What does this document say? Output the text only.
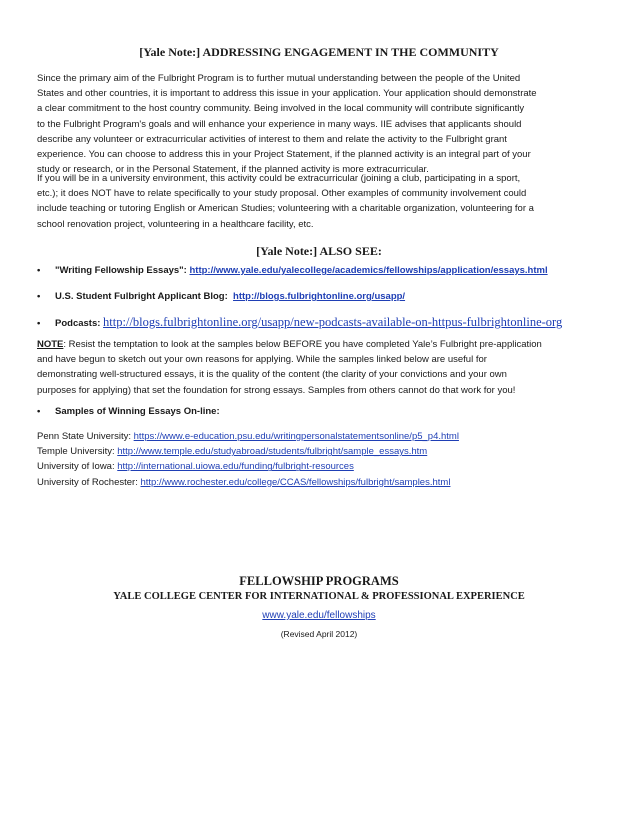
[Yale Note:] ADDRESSING ENGAGEMENT IN THE COMMUNITY

Since the primary aim of the Fulbright Program is to further mutual understanding between the people of the United
States and other countries, it is important to address this issue in your application. Your application should demonstrate
a clear commitment to the host country community. Being involved in the local community will contribute significantly
to the Fulbright Program's goals and will enhance your experience in many ways. IIE advises that applicants should
describe any volunteer or extracurricular activities of interest to them and relate the activity to the Fulbright grant
experience. You can choose to address this in your Project Statement, if the planned activity is an integral part of your
study or research, or in the Personal Statement, if the planned activity is more extracurricular.

If you will be in a university environment, this activity could be extracurricular (joining a club, participating in a sport,
etc.); it does NOT have to relate specifically to your study proposal. Other examples of community involvement could
include teaching or tutoring English or American Studies; volunteering with a charitable organization, volunteering for a
school renovation project, volunteering in a healthcare facility, etc.

[Yale Note:] ALSO SEE:
• "Writing Fellowship Essays": http://www.yale.edu/yalecollege/academics/fellowships/application/essays.html
• U.S. Student Fulbright Applicant Blog: http://blogs.fulbrightonline.org/usapp/
• Podcasts: http://blogs.fulbrightonline.org/usapp/new-podcasts-available-on-httpus-fulbrightonline-org

NOTE: Resist the temptation to look at the samples below BEFORE you have completed Yale’s Fulbright pre-application
and have begun to sketch out your own reasons for applying. While the samples linked below are useful for
demonstrating well-structured essays, it is the quality of the content (the clarity of your convictions and your own
purposes for applying) that set the foundation for strong essays. Samples from others cannot do that work for you!

• Samples of Winning Essays On-line:

Penn State University: https://www.e-education.psu.edu/writingpersonalstatementsonline/p5_p4.html
Temple University: http://www.temple.edu/studyabroad/students/fulbright/sample_essays.htm
University of Iowa: http://international.uiowa.edu/funding/fulbright-resources
University of Rochester: http://www.rochester.edu/college/CCAS/fellowships/fulbright/samples.html

FELLOWSHIP PROGRAMS
YALE COLLEGE CENTER FOR INTERNATIONAL & PROFESSIONAL EXPERIENCE
www.yale.edu/fellowships
(Revised April 2012)
